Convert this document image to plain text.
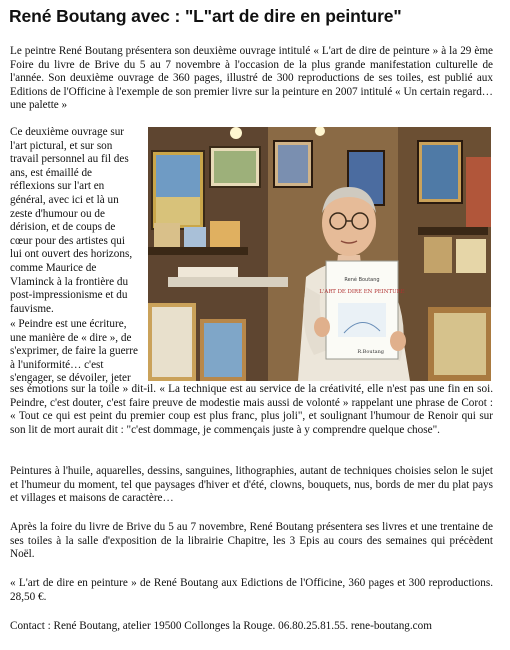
René Boutang avec : "L"art de dire en peinture"

Le peintre René Boutang présentera son deuxième ouvrage intitulé « L'art de dire de peinture » à la 29 ème Foire du livre de Brive du 5 au 7 novembre à l'occasion de la plus grande manifestation culturelle de l'année. Son deuxième ouvrage de 360 pages, illustré de 300 reproductions de ses toiles, est publié aux Editions de l'Officine à l'exemple de son premier livre sur la peinture en 2007 intitulé « Un certain regard…une palette »

Ce deuxième ouvrage sur l'art pictural, et sur son travail personnel au fil des ans, est émaillé de réflexions sur l'art en général, avec ici et là un zeste d'humour ou de dérision, et de coups de cœur pour des artistes qui lui ont ouvert des horizons, comme Maurice de Vlaminck à la frontière du post-impressionisme et du fauvisme.

René Boutang
L'ART DE DIRE EN PEINTURE
R.Boutang

« Peindre est une écriture, une manière de « dire », de s'exprimer, de faire la guerre à l'uniformité… c'est s'engager, se dévoiler, jeter

ses émotions sur la toile » dit-il. « La technique est au service de la créativité, elle n'est pas une fin en soi. Peindre, c'est douter, c'est faire preuve de modestie mais aussi de volonté » rappelant une phrase de Corot : « Tout ce qui est peint du premier coup est plus franc, plus joli", et soulignant l'humour de Renoir qui sur son lit de mort aurait dit : "c'est dommage, je commençais juste à y comprendre quelque chose".

Peintures à l'huile, aquarelles, dessins, sanguines, lithographies, autant de techniques choisies selon le sujet et l'humeur du moment, tel que paysages d'hiver et d'été, clowns, bouquets, nus, bords de mer du plat pays et villages et maisons de caractère…

Après la foire du livre de Brive du 5 au 7 novembre, René Boutang présentera ses livres et une trentaine de ses toiles à la salle d'exposition de la librairie Chapitre, les 3 Epis au cours des semaines qui précèdent Noël.

« L'art de dire en peinture » de René Boutang aux Edictions de l'Officine, 360 pages et 300 reproductions. 28,50 €.

Contact : René Boutang, atelier 19500 Collonges la Rouge. 06.80.25.81.55. rene-boutang.com
